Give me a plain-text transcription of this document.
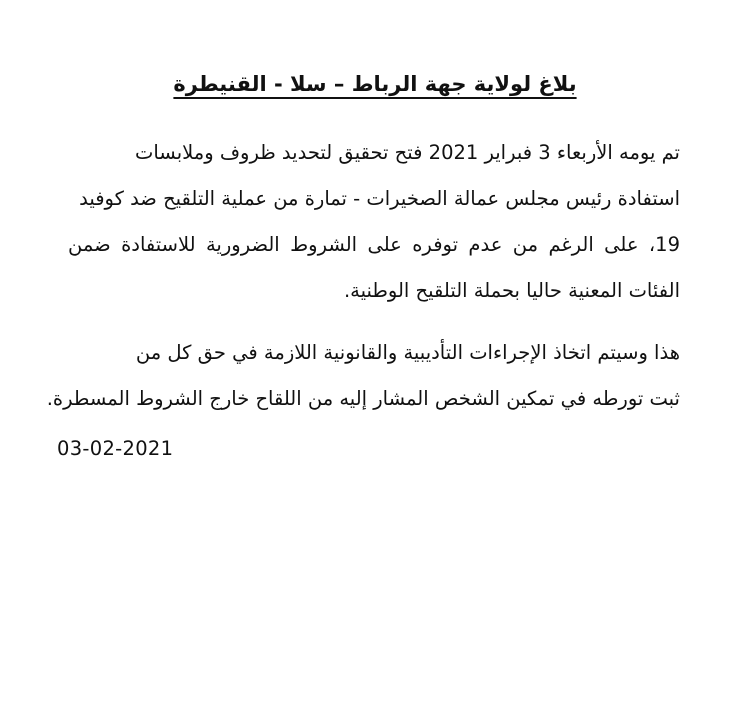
بلاغ لولاية جهة الرباط – سلا - القنيطرة
تم يومه الأربعاء 3 فبراير 2021 فتح تحقيق لتحديد ظروف وملابسات
استفادة رئيس مجلس عمالة الصخيرات - تمارة من عملية التلقيح ضد كوفيد
19، على الرغم من عدم توفره على الشروط الضرورية للاستفادة ضمن
الفئات المعنية حاليا بحملة التلقيح الوطنية.
هذا وسيتم اتخاذ الإجراءات التأديبية والقانونية اللازمة في حق كل من
ثبت تورطه في تمكين الشخص المشار إليه من اللقاح خارج الشروط المسطرة.
03-02-2021
